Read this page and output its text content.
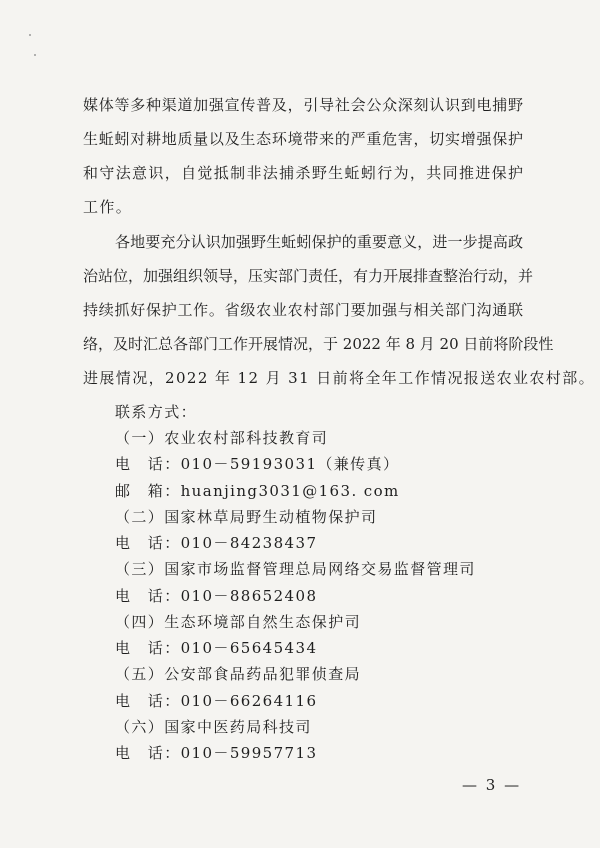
媒体等多种渠道加强宣传普及，引导社会公众深刻认识到电捕野
生蚯蚓对耕地质量以及生态环境带来的严重危害，切实增强保护
和守法意识，自觉抵制非法捕杀野生蚯蚓行为，共同推进保护
工作。
各地要充分认识加强野生蚯蚓保护的重要意义，进一步提高政
治站位，加强组织领导，压实部门责任，有力开展排查整治行动，并
持续抓好保护工作。省级农业农村部门要加强与相关部门沟通联
络，及时汇总各部门工作开展情况，于 2022 年 8 月 20 日前将阶段性
进展情况，2022 年 12 月 31 日前将全年工作情况报送农业农村部。
联系方式：
（一）农业农村部科技教育司
电　话：010－59193031（兼传真）
邮　箱：huanjing3031@163. com
（二）国家林草局野生动植物保护司
电　话：010－84238437
（三）国家市场监督管理总局网络交易监督管理司
电　话：010－88652408
（四）生态环境部自然生态保护司
电　话：010－65645434
（五）公安部食品药品犯罪侦查局
电　话：010－66264116
（六）国家中医药局科技司
电　话：010－59957713
— 3 —
